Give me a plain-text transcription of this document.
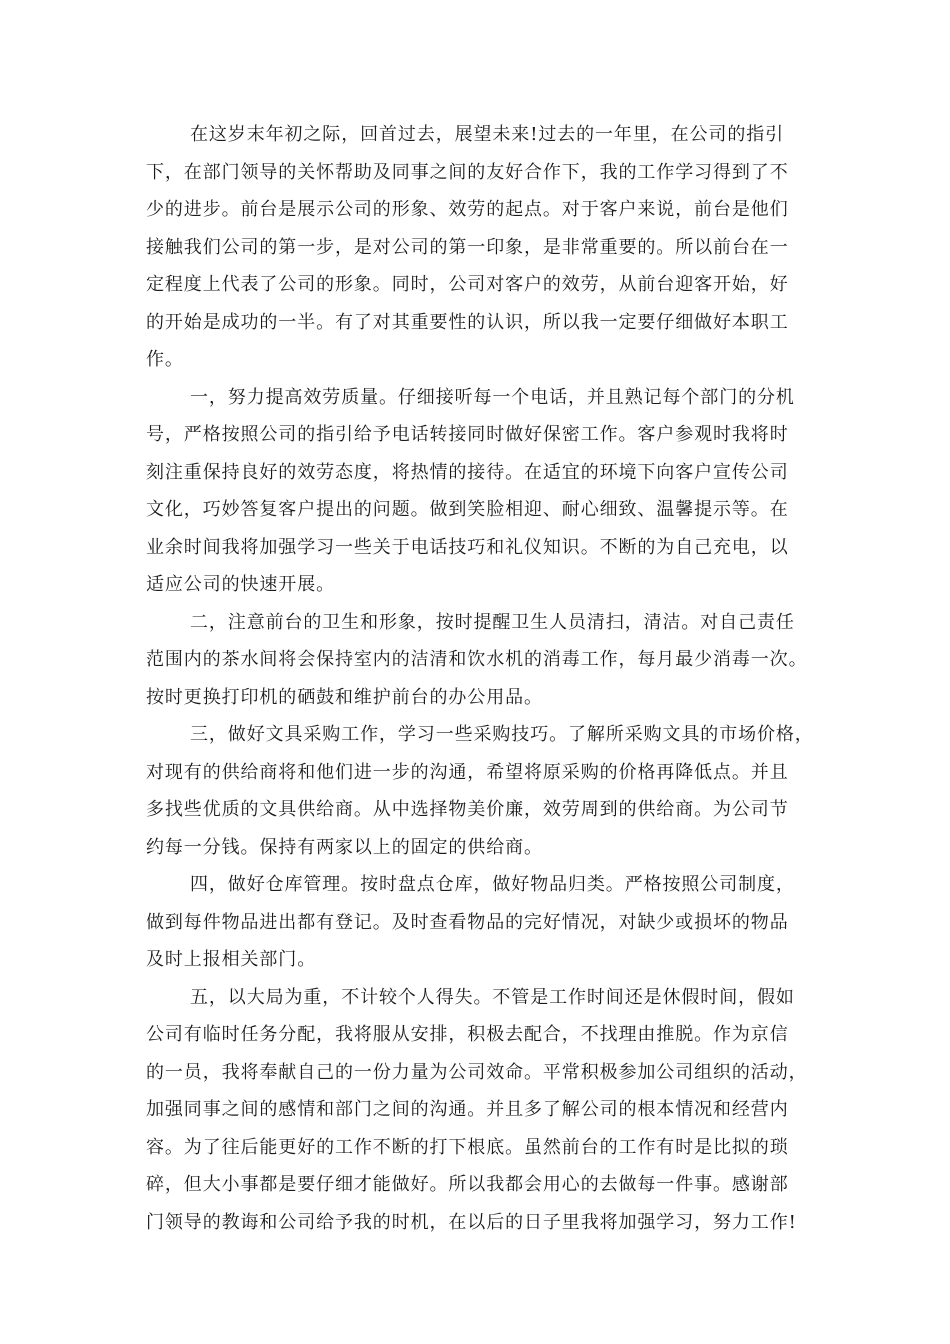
在这岁末年初之际，回首过去，展望未来!过去的一年里，在公司的指引
下，在部门领导的关怀帮助及同事之间的友好合作下，我的工作学习得到了不
少的进步。前台是展示公司的形象、效劳的起点。对于客户来说，前台是他们
接触我们公司的第一步，是对公司的第一印象，是非常重要的。所以前台在一
定程度上代表了公司的形象。同时，公司对客户的效劳，从前台迎客开始，好
的开始是成功的一半。有了对其重要性的认识，所以我一定要仔细做好本职工
作。
一，努力提高效劳质量。仔细接听每一个电话，并且熟记每个部门的分机
号，严格按照公司的指引给予电话转接同时做好保密工作。客户参观时我将时
刻注重保持良好的效劳态度，将热情的接待。在适宜的环境下向客户宣传公司
文化，巧妙答复客户提出的问题。做到笑脸相迎、耐心细致、温馨提示等。在
业余时间我将加强学习一些关于电话技巧和礼仪知识。不断的为自己充电，以
适应公司的快速开展。
二，注意前台的卫生和形象，按时提醒卫生人员清扫，清洁。对自己责任
范围内的茶水间将会保持室内的洁清和饮水机的消毒工作，每月最少消毒一次。
按时更换打印机的硒鼓和维护前台的办公用品。
三，做好文具采购工作，学习一些采购技巧。了解所采购文具的市场价格，
对现有的供给商将和他们进一步的沟通，希望将原采购的价格再降低点。并且
多找些优质的文具供给商。从中选择物美价廉，效劳周到的供给商。为公司节
约每一分钱。保持有两家以上的固定的供给商。
四，做好仓库管理。按时盘点仓库，做好物品归类。严格按照公司制度，
做到每件物品进出都有登记。及时查看物品的完好情况，对缺少或损坏的物品
及时上报相关部门。
五，以大局为重，不计较个人得失。不管是工作时间还是休假时间，假如
公司有临时任务分配，我将服从安排，积极去配合，不找理由推脱。作为京信
的一员，我将奉献自己的一份力量为公司效命。平常积极参加公司组织的活动，
加强同事之间的感情和部门之间的沟通。并且多了解公司的根本情况和经营内
容。为了往后能更好的工作不断的打下根底。虽然前台的工作有时是比拟的琐
碎，但大小事都是要仔细才能做好。所以我都会用心的去做每一件事。感谢部
门领导的教诲和公司给予我的时机，在以后的日子里我将加强学习，努力工作!
